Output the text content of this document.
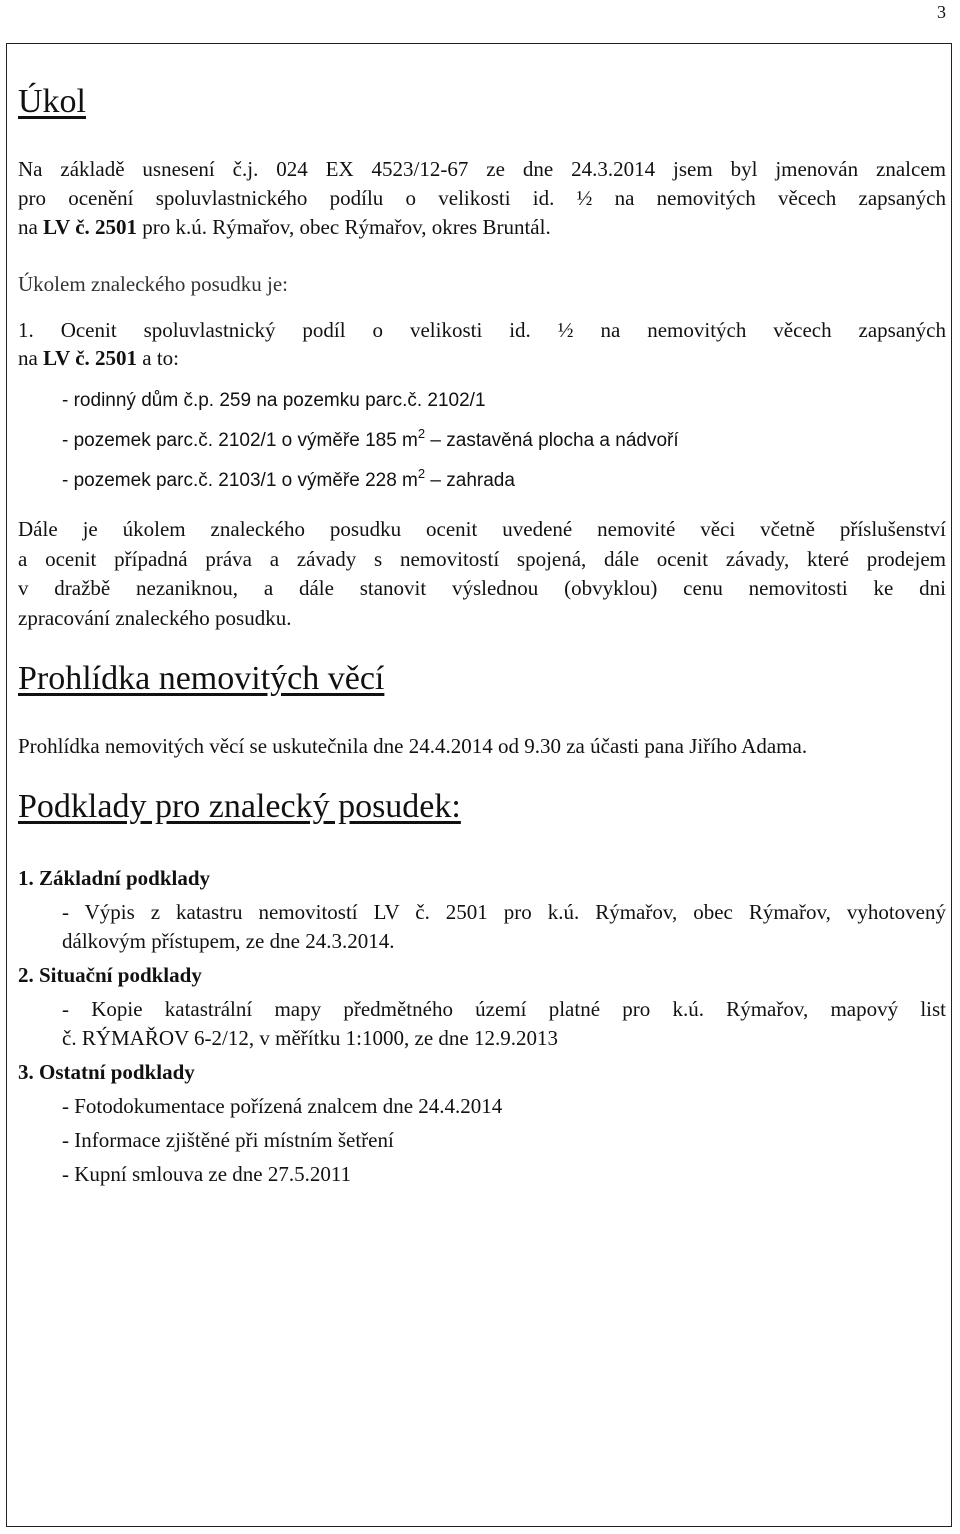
3
Úkol
Na základě usnesení č.j. 024 EX 4523/12-67 ze dne 24.3.2014 jsem byl jmenován znalcem
pro ocenění spoluvlastnického podílu o velikosti id. ½ na nemovitých věcech zapsaných
na LV č. 2501 pro k.ú. Rýmařov, obec Rýmařov, okres Bruntál.
Úkolem znaleckého posudku je:
1. Ocenit spoluvlastnický podíl o velikosti id. ½ na nemovitých věcech zapsaných
na LV č. 2501 a to:
- rodinný dům č.p. 259 na pozemku parc.č. 2102/1
- pozemek parc.č. 2102/1 o výměře 185 $m^2$ – zastavěná plocha a nádvoří
- pozemek parc.č. 2103/1 o výměře 228 $m^2$ – zahrada
Dále je úkolem znaleckého posudku ocenit uvedené nemovité věci včetně příslušenství
a ocenit případná práva a závady s nemovitostí spojená, dále ocenit závady, které prodejem
v dražbě nezaniknou, a dále stanovit výslednou (obvyklou) cenu nemovitosti ke dni
zpracování znaleckého posudku.
Prohlídka nemovitých věcí
Prohlídka nemovitých věcí se uskutečnila dne 24.4.2014 od 9.30 za účasti pana Jiřího Adama.
Podklady pro znalecký posudek:
1. Základní podklady
- Výpis z katastru nemovitostí LV č. 2501 pro k.ú. Rýmařov, obec Rýmařov, vyhotovený
dálkovým přístupem, ze dne 24.3.2014.
2. Situační podklady
- Kopie katastrální mapy předmětného území platné pro k.ú. Rýmařov, mapový list
č. RÝMAŘOV 6-2/12, v měřítku 1:1000, ze dne 12.9.2013
3. Ostatní podklady
- Fotodokumentace pořízená znalcem dne 24.4.2014
- Informace zjištěné při místním šetření
- Kupní smlouva ze dne 27.5.2011
